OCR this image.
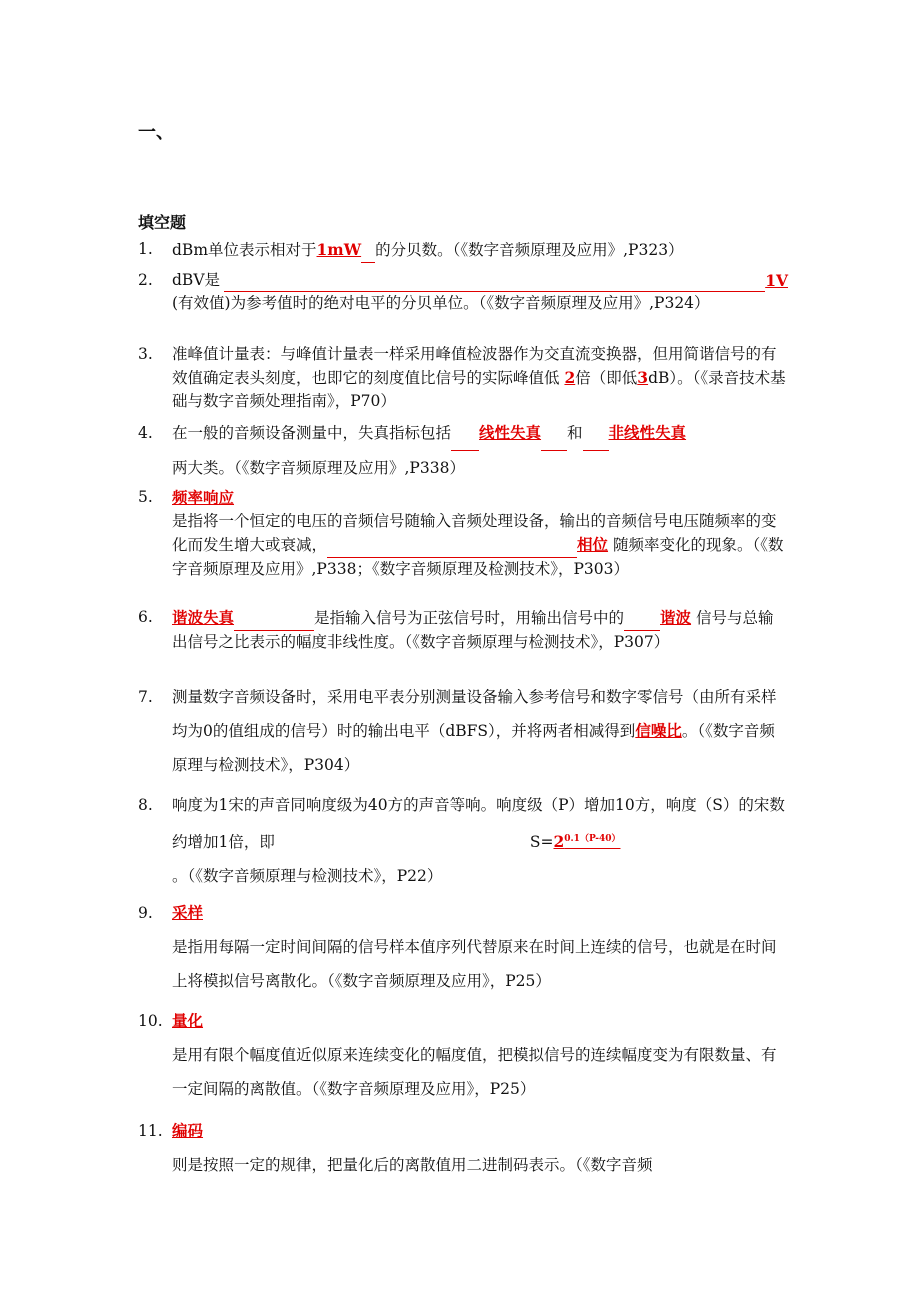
一、
填空题
1.	dBm单位表示相对于1mW 的分贝数。（《数字音频原理及应用》,P323）
2.	dBV是	1V
(有效值)为参考值时的绝对电平的分贝单位。（《数字音频原理及应用》,P324）
3.	准峰值计量表：与峰值计量表一样采用峰值检波器作为交直流变换器，但用简谐信号的有效值确定表头刻度，也即它的刻度值比信号的实际峰值低 2倍（即低3dB）。（《录音技术基础与数字音频处理指南》，P70）
4.	在一般的音频设备测量中，失真指标包括 线性失真 和 非线性失真
两大类。（《数字音频原理及应用》,P338）
5.	频率响应
是指将一个恒定的电压的音频信号随输入音频处理设备，输出的音频信号电压随频率的变化而发生增大或衰减，	相位 随频率变化的现象。（《数字音频原理及应用》,P338；《数字音频原理及检测技术》，P303）
6.	谐波失真	是指输入信号为正弦信号时，用输出信号中的 谐波 信号与总输出信号之比表示的幅度非线性度。（《数字音频原理与检测技术》，P307）
7.	测量数字音频设备时，采用电平表分别测量设备输入参考信号和数字零信号（由所有采样均为0的值组成的信号）时的输出电平（dBFS），并将两者相减得到信噪比。（《数字音频原理与检测技术》，P304）
8.	响度为1宋的声音同响度级为40方的声音等响。响度级（P）增加10方，响度（S）的宋数约增加1倍，即	$S=2^{0.1(P-40)}$
。（《数字音频原理与检测技术》，P22）
9.	采样
是指用每隔一定时间间隔的信号样本值序列代替原来在时间上连续的信号，也就是在时间上将模拟信号离散化。（《数字音频原理及应用》，P25）
10. 量化
是用有限个幅度值近似原来连续变化的幅度值，把模拟信号的连续幅度变为有限数量、有一定间隔的离散值。（《数字音频原理及应用》，P25）
11. 编码
则是按照一定的规律，把量化后的离散值用二进制码表示。（《数字音频
